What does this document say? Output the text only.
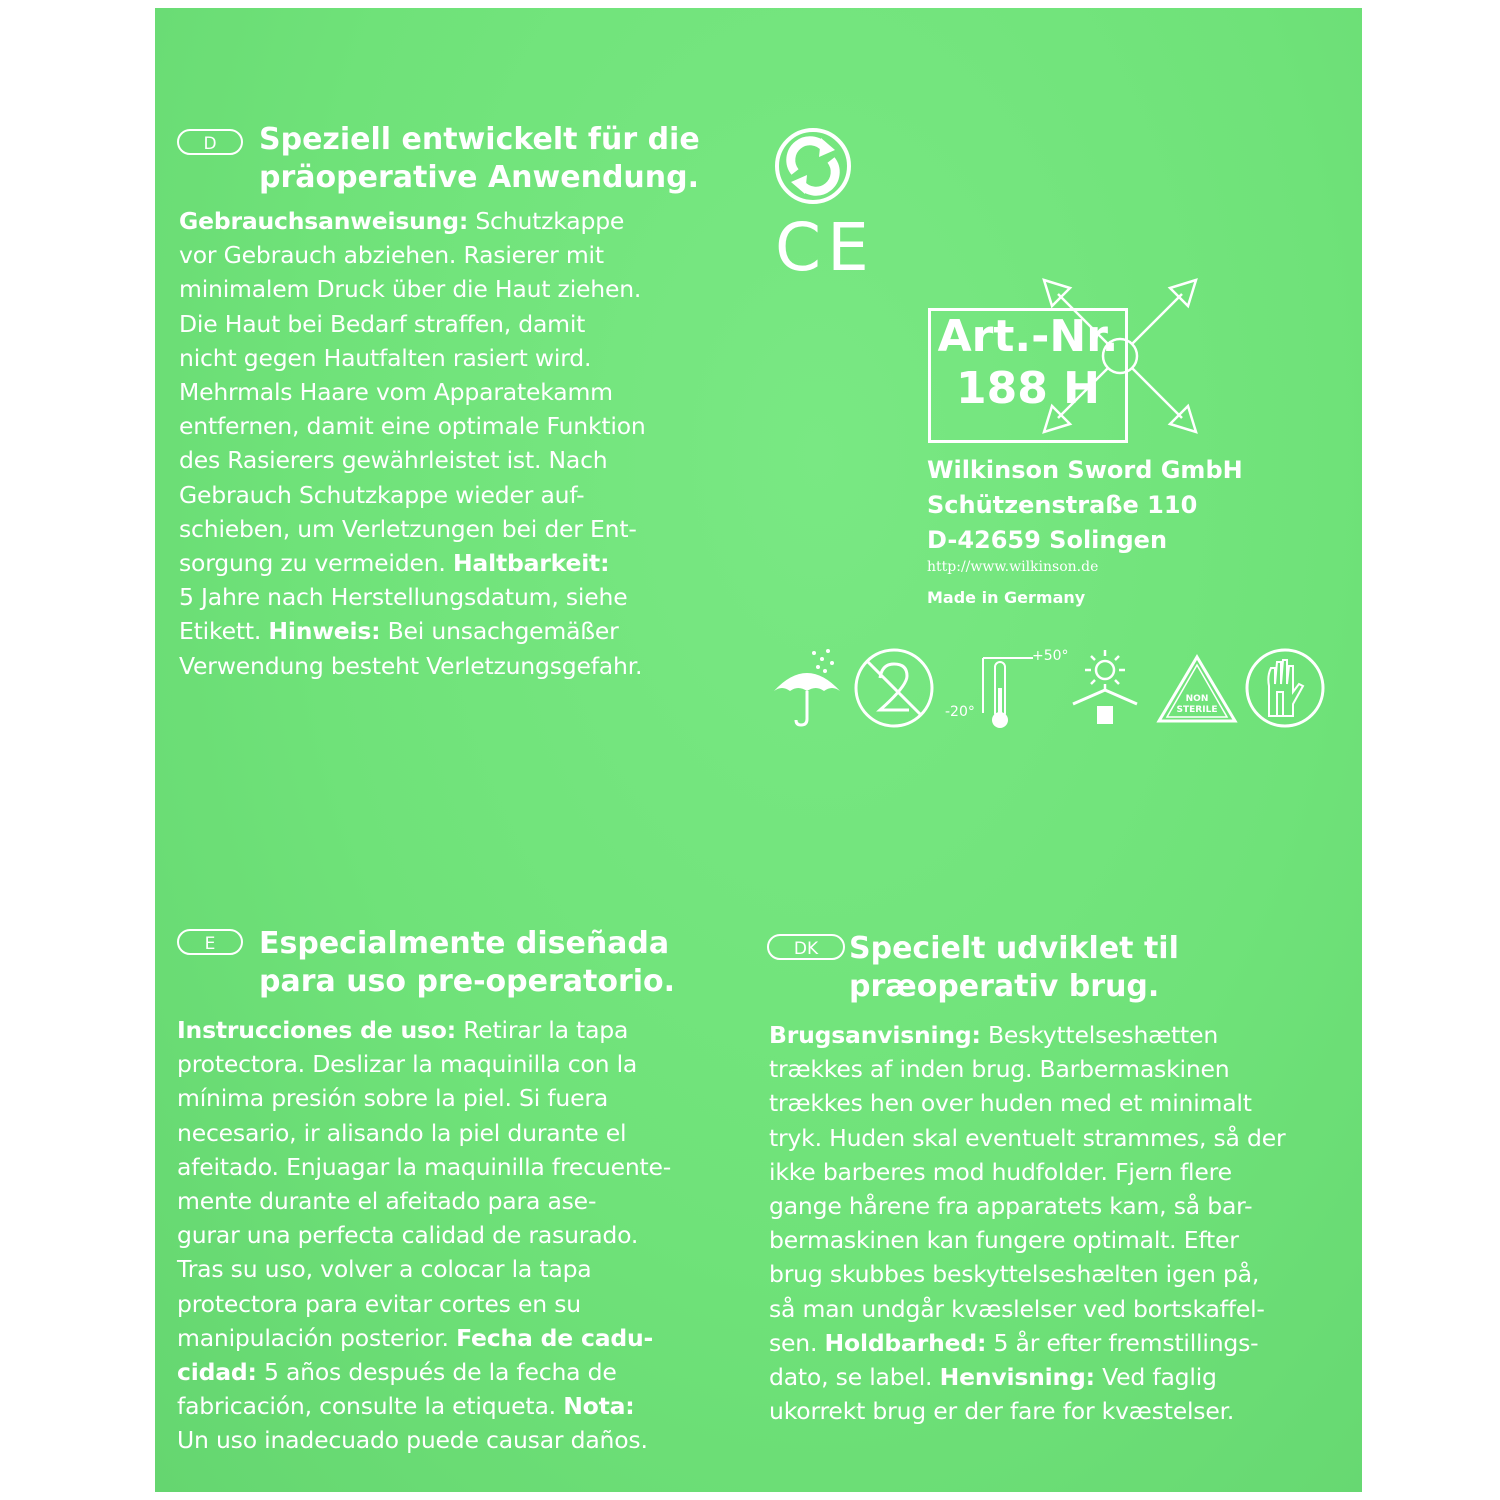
D	Speziell entwickelt für die
präoperative Anwendung.
Gebrauchsanweisung: Schutzkappe
vor Gebrauch abziehen. Rasierer mit
minimalem Druck über die Haut ziehen.
Die Haut bei Bedarf straffen, damit
nicht gegen Hautfalten rasiert wird.
Mehrmals Haare vom Apparatekamm
entfernen, damit eine optimale Funktion
des Rasierers gewährleistet ist. Nach
Gebrauch Schutzkappe wieder auf-
schieben, um Verletzungen bei der Ent-
sorgung zu vermeiden. Haltbarkeit:
5 Jahre nach Herstellungsdatum, siehe
Etikett. Hinweis: Bei unsachgemäßer
Verwendung besteht Verletzungsgefahr.
CE
Art.-Nr.
188 H
Wilkinson Sword GmbH
Schützenstraße 110
D-42659 Solingen
http://www.wilkinson.de
Made in Germany
+50°
-20°
NON
STERILE
E	Especialmente diseñada
para uso pre-operatorio.
Instrucciones de uso: Retirar la tapa
protectora. Deslizar la maquinilla con la
mínima presión sobre la piel. Si fuera
necesario, ir alisando la piel durante el
afeitado. Enjuagar la maquinilla frecuente-
mente durante el afeitado para ase-
gurar una perfecta calidad de rasurado.
Tras su uso, volver a colocar la tapa
protectora para evitar cortes en su
manipulación posterior. Fecha de cadu-
cidad: 5 años después de la fecha de
fabricación, consulte la etiqueta. Nota:
Un uso inadecuado puede causar daños.
DK	Specielt udviklet til
præoperativ brug.
Brugsanvisning: Beskyttelseshætten
trækkes af inden brug. Barbermaskinen
trækkes hen over huden med et minimalt
tryk. Huden skal eventuelt strammes, så der
ikke barberes mod hudfolder. Fjern flere
gange hårene fra apparatets kam, så bar-
bermaskinen kan fungere optimalt. Efter
brug skubbes beskyttelseshælten igen på,
så man undgår kvæslelser ved bortskaffel-
sen. Holdbarhed: 5 år efter fremstillings-
dato, se label. Henvisning: Ved faglig
ukorrekt brug er der fare for kvæstelser.
